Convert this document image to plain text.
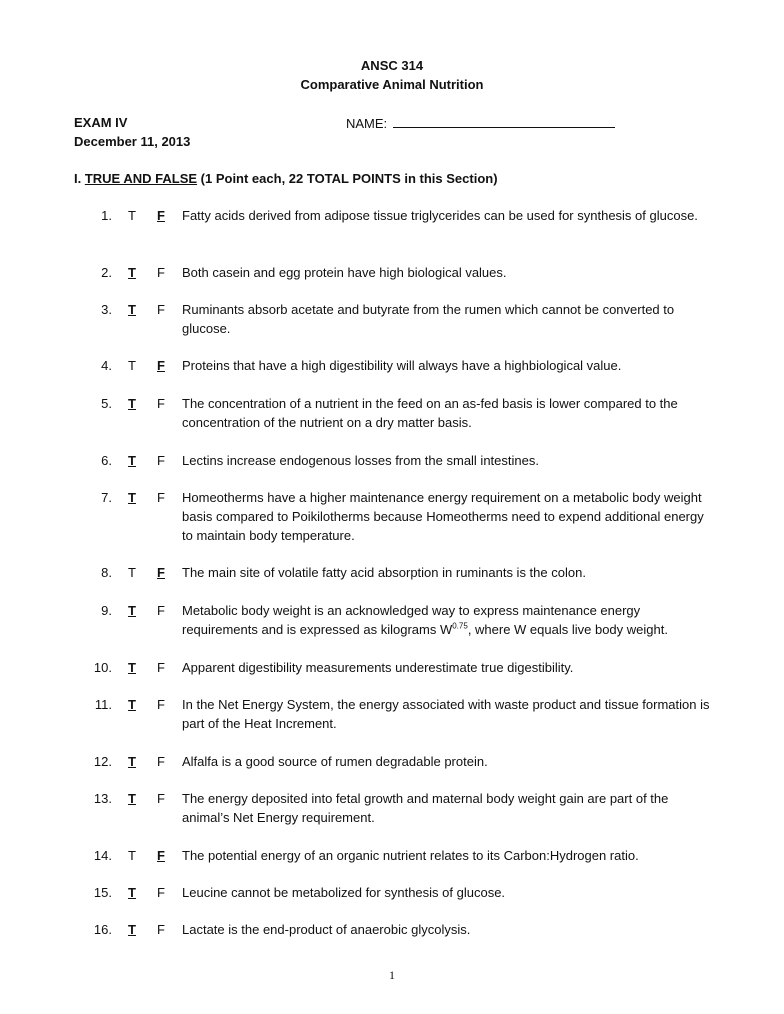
ANSC 314
Comparative Animal Nutrition
EXAM IV
December 11, 2013
NAME:
I. TRUE AND FALSE (1 Point each, 22 TOTAL POINTS in this Section)
1. T F Fatty acids derived from adipose tissue triglycerides can be used for synthesis of glucose.
2. T F Both casein and egg protein have high biological values.
3. T F Ruminants absorb acetate and butyrate from the rumen which cannot be converted to glucose.
4. T F Proteins that have a high digestibility will always have a highbiological value.
5. T F The concentration of a nutrient in the feed on an as-fed basis is lower compared to the concentration of the nutrient on a dry matter basis.
6. T F Lectins increase endogenous losses from the small intestines.
7. T F Homeotherms have a higher maintenance energy requirement on a metabolic body weight basis compared to Poikilotherms because Homeotherms need to expend additional energy to maintain body temperature.
8. T F The main site of volatile fatty acid absorption in ruminants is the colon.
9. T F Metabolic body weight is an acknowledged way to express maintenance energy requirements and is expressed as kilograms $W^{0.75}$, where W equals live body weight.
10. T F Apparent digestibility measurements underestimate true digestibility.
11. T F In the Net Energy System, the energy associated with waste product and tissue formation is part of the Heat Increment.
12. T F Alfalfa is a good source of rumen degradable protein.
13. T F The energy deposited into fetal growth and maternal body weight gain are part of the animal’s Net Energy requirement.
14. T F The potential energy of an organic nutrient relates to its Carbon:Hydrogen ratio.
15. T F Leucine cannot be metabolized for synthesis of glucose.
16. T F Lactate is the end-product of anaerobic glycolysis.
1
